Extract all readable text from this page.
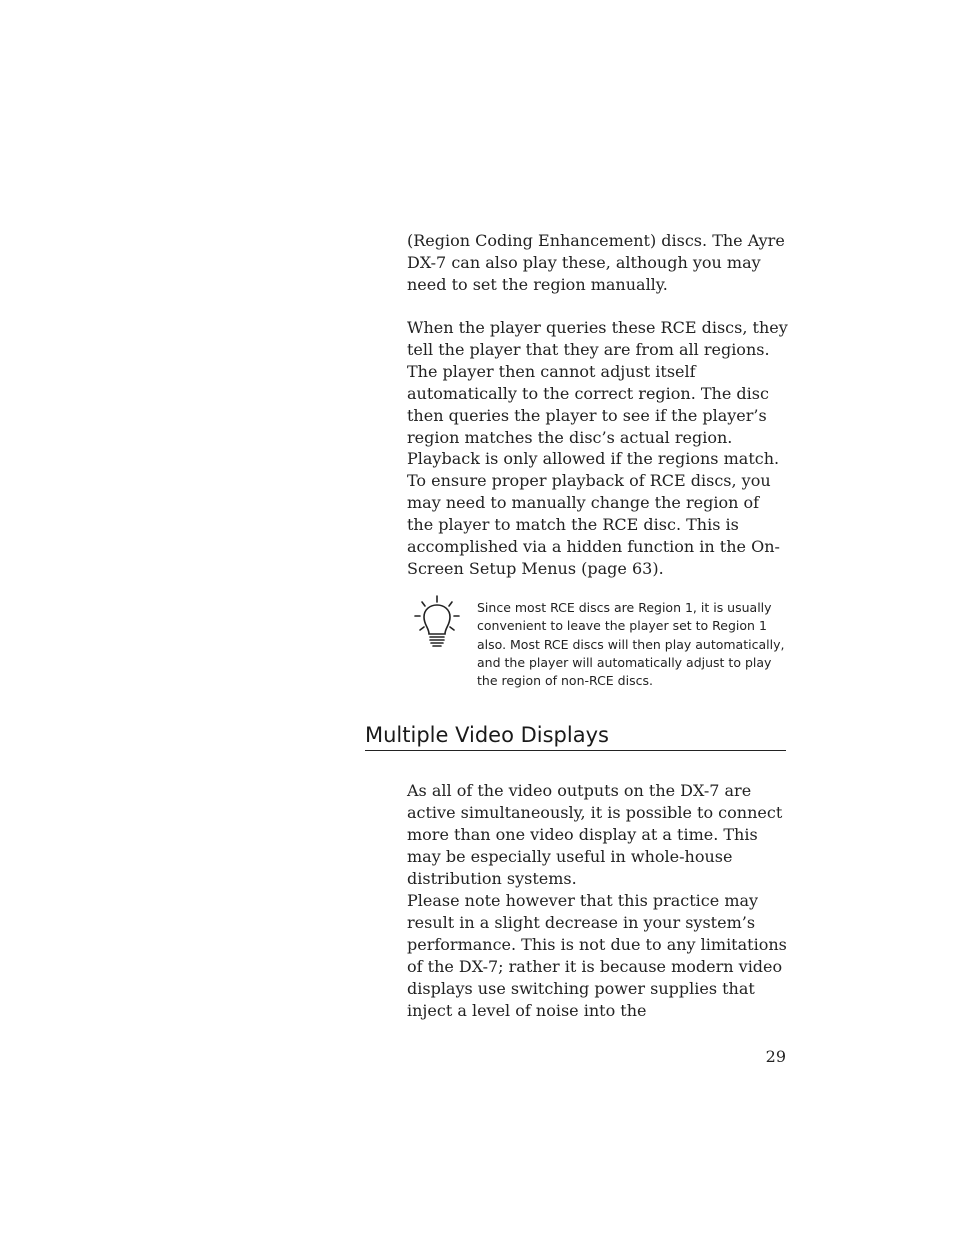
(Region Coding Enhancement) discs. The Ayre DX-7 can also play these, although you may need to set the region manually.

When the player queries these RCE discs, they tell the player that they are from all regions. The player then cannot adjust itself automatically to the correct region. The disc then queries the player to see if the player’s region matches the disc’s actual region. Playback is only allowed if the regions match.

To ensure proper playback of RCE discs, you may need to manually change the region of the player to match the RCE disc. This is accomplished via a hidden function in the On-Screen Setup Menus (page 63).

Since most RCE discs are Region 1, it is usually convenient to leave the player set to Region 1 also. Most RCE discs will then play automatically, and the player will automatically adjust to play the region of non-RCE discs.

Multiple Video Displays

As all of the video outputs on the DX-7 are active simultaneously, it is possible to connect more than one video display at a time. This may be especially useful in whole-house distribution systems.

Please note however that this practice may result in a slight decrease in your system’s performance. This is not due to any limitations of the DX-7; rather it is because modern video displays use switching power supplies that inject a level of noise into the

29
